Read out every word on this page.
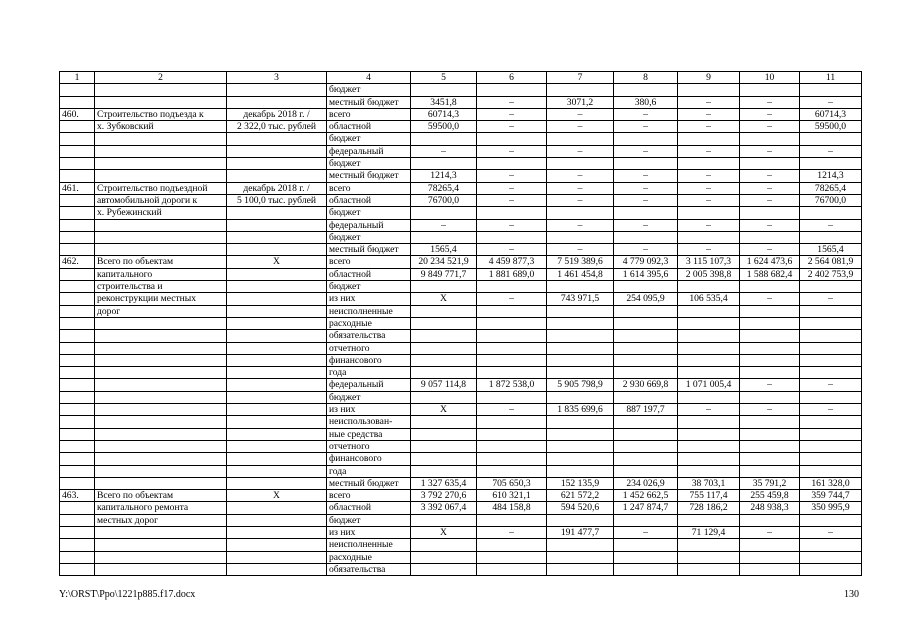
1	2	3	4	5	6	7	8	9	10	11
			бюджет							
			местный бюджет	3451,8	–	3071,2	380,6	–	–	–
460.	Строительство подъезда к	декабрь 2018 г. /	всего	60714,3	–	–	–	–	–	60714,3
	х. Зубковский	2 322,0 тыс. рублей	областной	59500,0	–	–	–	–	–	59500,0
			бюджет							
			федеральный	–	–	–	–	–	–	–
			бюджет							
			местный бюджет	1214,3	–	–	–	–	–	1214,3
461.	Строительство подъездной	декабрь 2018 г. /	всего	78265,4	–	–	–	–	–	78265,4
	автомобильной дороги к	5 100,0 тыс. рублей	областной	76700,0	–	–	–	–	–	76700,0
	х. Рубежинский		бюджет							
			федеральный	–	–	–	–	–	–	–
			бюджет							
			местный бюджет	1565,4	–	–	–	–	–	1565,4
462.	Всего по объектам	Х	всего	20 234 521,9	4 459 877,3	7 519 389,6	4 779 092,3	3 115 107,3	1 624 473,6	2 564 081,9
	капитального		областной	9 849 771,7	1 881 689,0	1 461 454,8	1 614 395,6	2 005 398,8	1 588 682,4	2 402 753,9
	строительства и		бюджет							
	реконструкции местных		из них	Х	–	743 971,5	254 095,9	106 535,4	–	–
	дорог		неисполненные							
			расходные							
			обязательства							
			отчетного							
			финансового							
			года							
			федеральный	9 057 114,8	1 872 538,0	5 905 798,9	2 930 669,8	1 071 005,4	–	–
			бюджет							
			из них	Х	–	1 835 699,6	887 197,7	–	–	–
			неиспользован-							
			ные средства							
			отчетного							
			финансового							
			года							
			местный бюджет	1 327 635,4	705 650,3	152 135,9	234 026,9	38 703,1	35 791,2	161 328,0
463.	Всего по объектам	Х	всего	3 792 270,6	610 321,1	621 572,2	1 452 662,5	755 117,4	255 459,8	359 744,7
	капитального ремонта		областной	3 392 067,4	484 158,8	594 520,6	1 247 874,7	728 186,2	248 938,3	350 995,9
	местных дорог		бюджет							
			из них	Х	–	191 477,7	–	71 129,4	–	–
			неисполненные							
			расходные							
			обязательства							
Y:\ORST\Ppo\1221p885.f17.docx	130
